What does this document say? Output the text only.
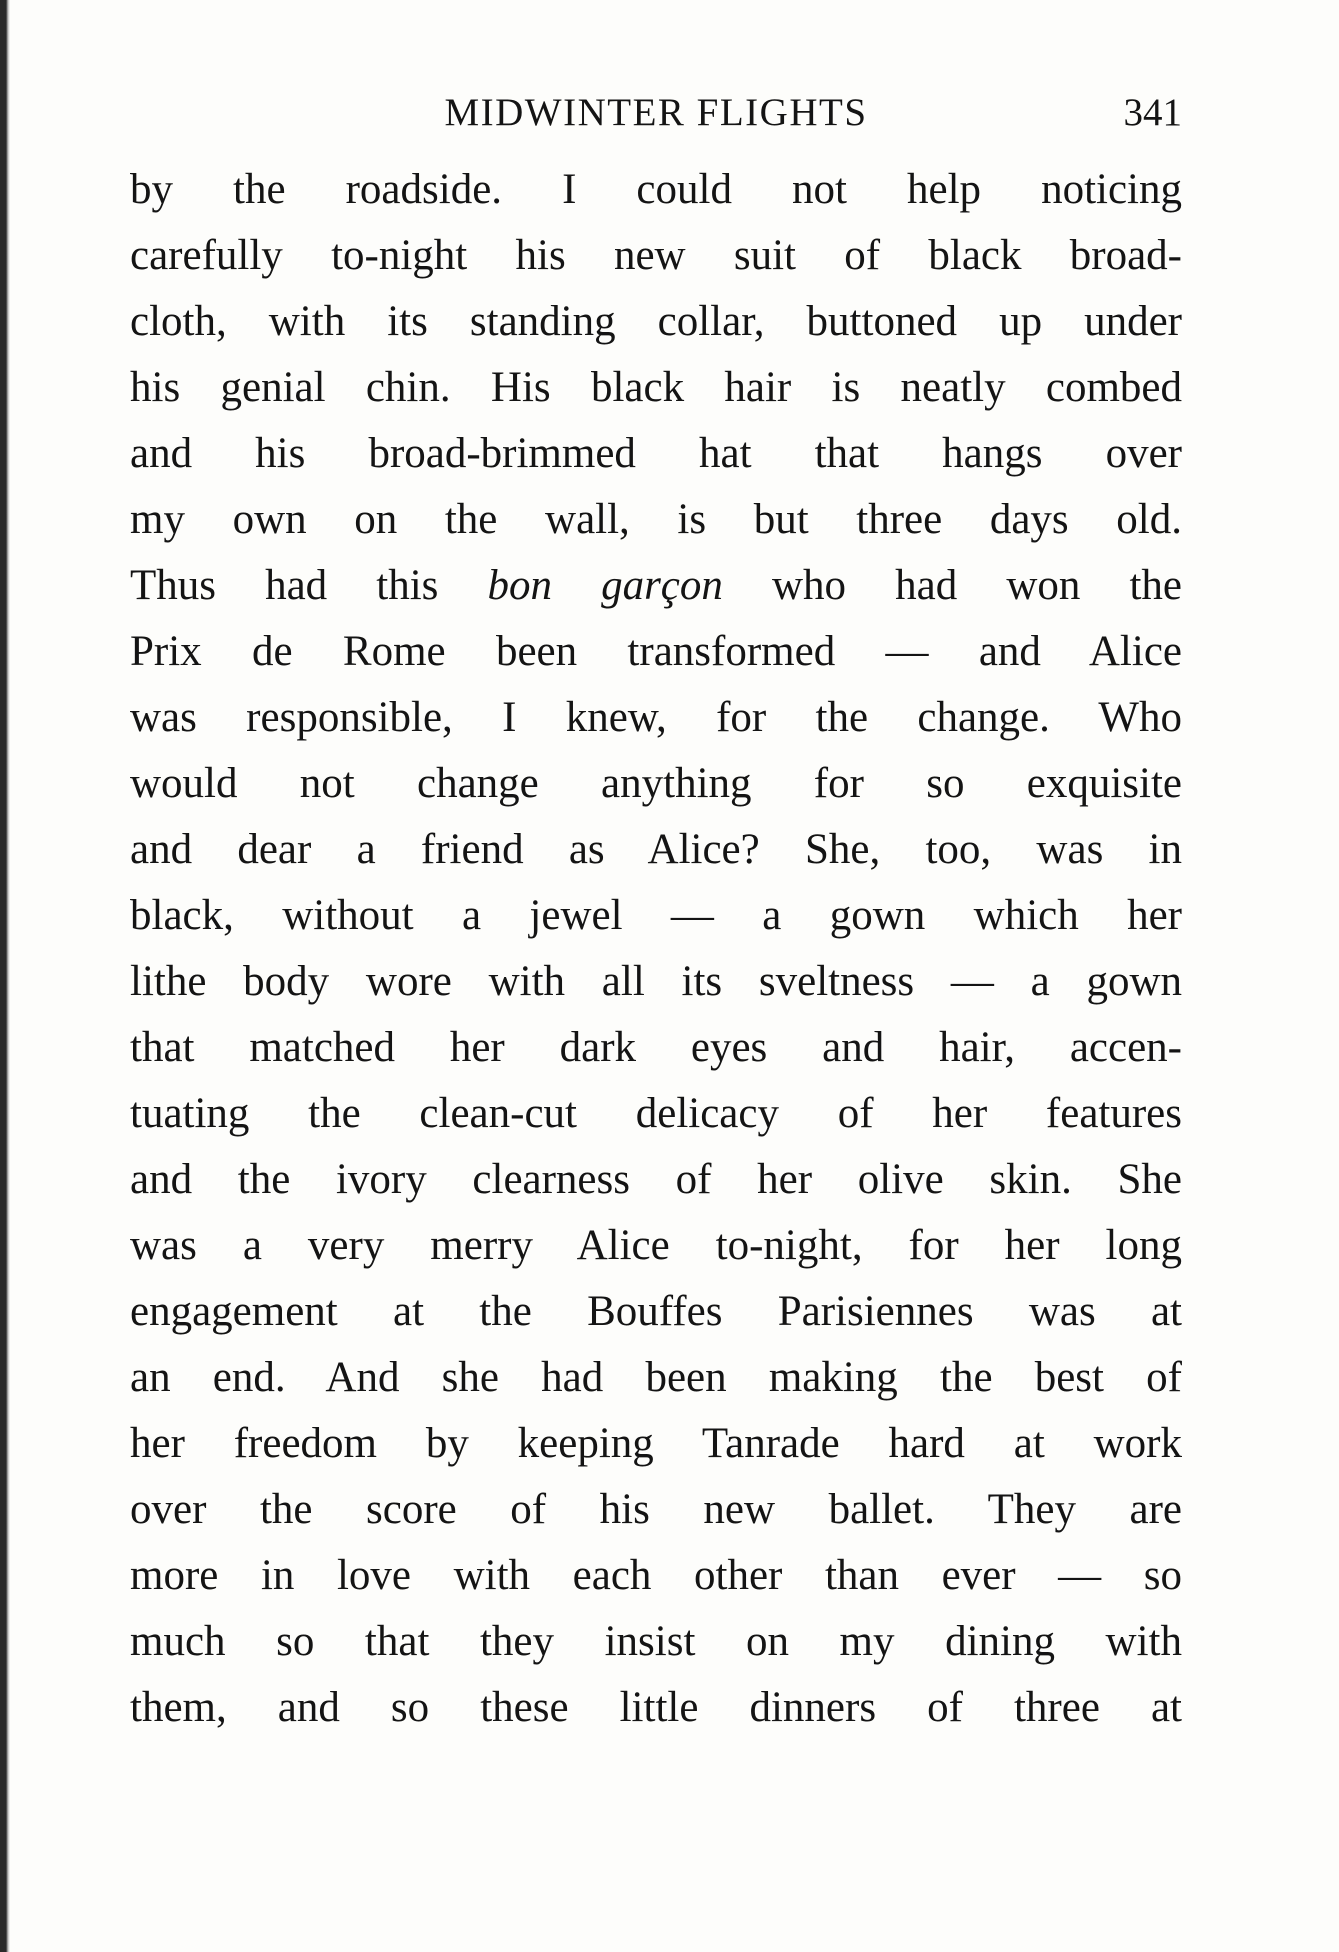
MIDWINTER FLIGHTS	341
by the roadside. I could not help noticing
carefully to-night his new suit of black broad-
cloth, with its standing collar, buttoned up under
his genial chin. His black hair is neatly combed
and his broad-brimmed hat that hangs over
my own on the wall, is but three days old.
Thus had this bon garçon who had won the
Prix de Rome been transformed — and Alice
was responsible, I knew, for the change. Who
would not change anything for so exquisite
and dear a friend as Alice? She, too, was in
black, without a jewel — a gown which her
lithe body wore with all its sveltness — a gown
that matched her dark eyes and hair, accen-
tuating the clean-cut delicacy of her features
and the ivory clearness of her olive skin. She
was a very merry Alice to-night, for her long
engagement at the Bouffes Parisiennes was at
an end. And she had been making the best of
her freedom by keeping Tanrade hard at work
over the score of his new ballet. They are
more in love with each other than ever — so
much so that they insist on my dining with
them, and so these little dinners of three at
